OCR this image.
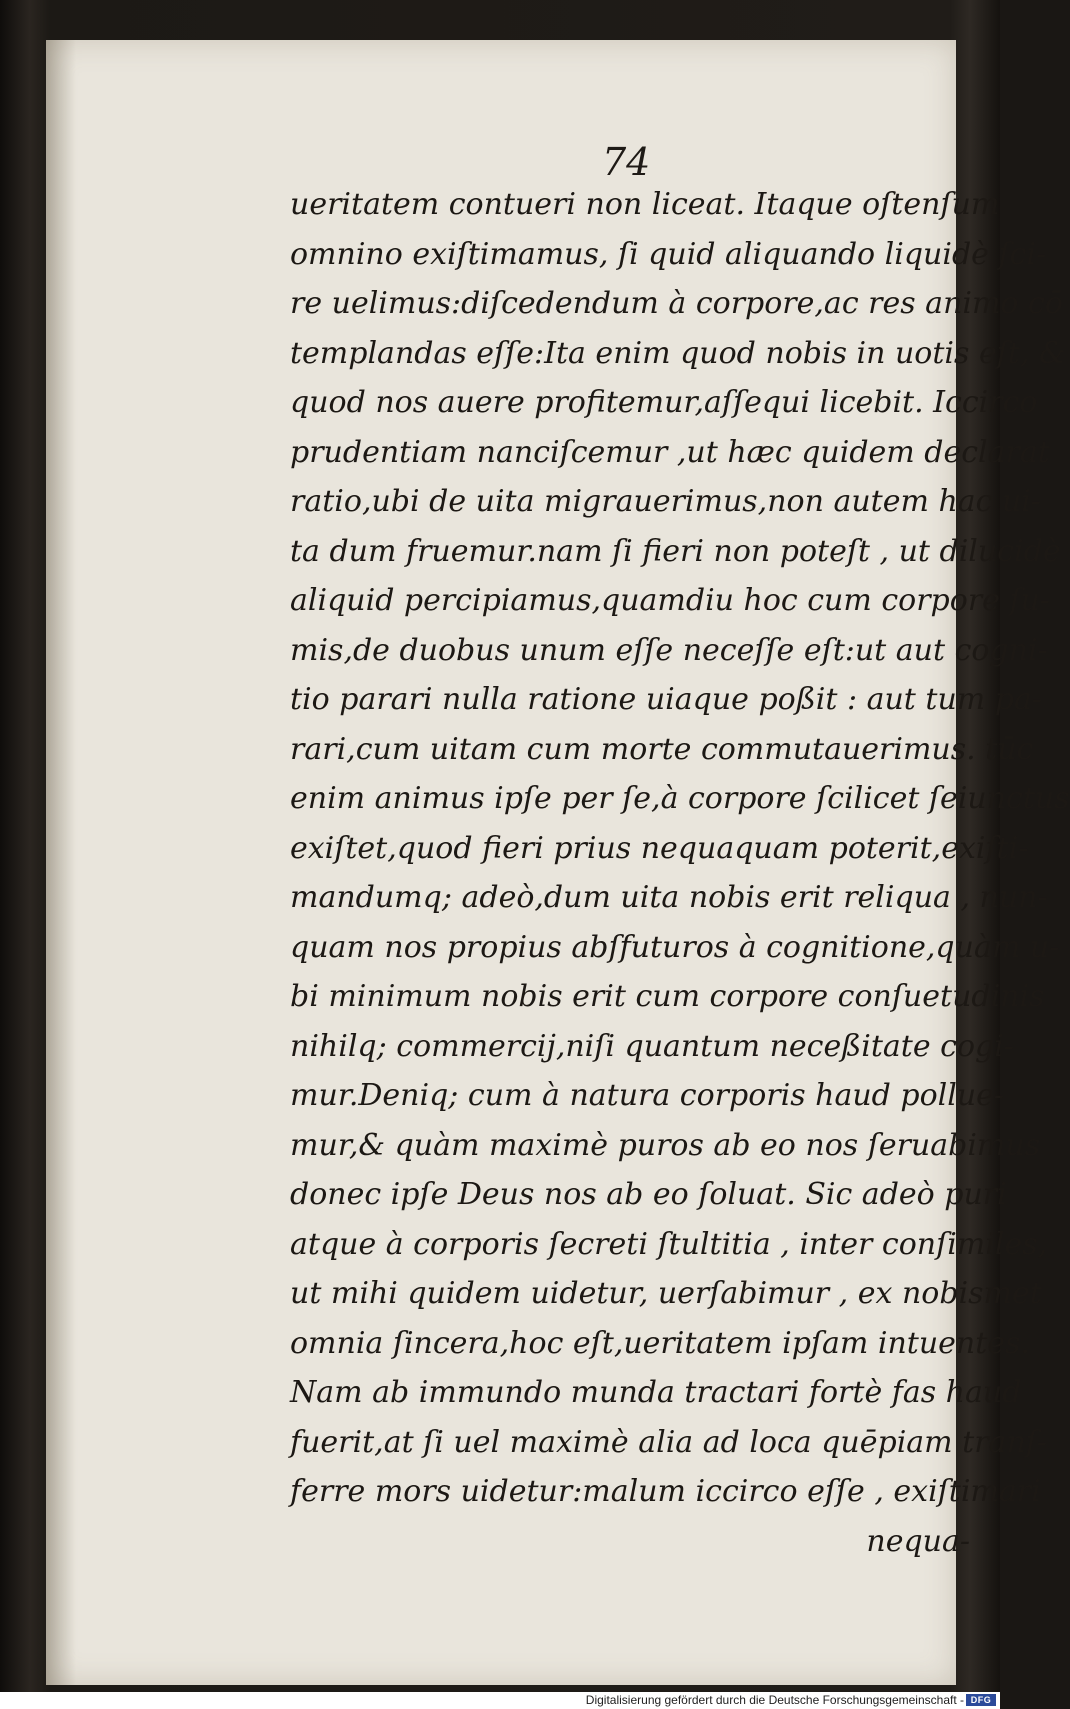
74

ueritatem contueri non liceat. Itaque oſtenſum

omnino exiſtimamus, ſi quid aliquando liquidè ſci-

re uelimus:diſcedendum à corpore,ac res animo cō

templandas eſſe:Ita enim quod nobis in uotis eſt, &

quod nos auere profitemur,aſſequi licebit. Iccirco

prudentiam nanciſcemur ,ut hæc quidem declarat

ratio,ubi de uita migrauerimus,non autem hac ui-

ta dum fruemur.nam ſi fieri non poteſt , ut dilucidè

aliquid percipiamus,quamdiu hoc cum corpore ſu-

mis,de duobus unum eſſe neceſſe eſt:ut aut cogni-

tio parari nulla ratione uiaque poßit : aut tum pa-

rari,cum uitam cum morte commutauerimus. tūc

enim animus ipſe per ſe,à corpore ſcilicet ſeiunctus

exiſtet,quod fieri prius nequaquam poterit,exiſti-

mandumq; adeò,dum uita nobis erit reliqua , nun-

quam nos propius abſfuturos à cognitione,quàm u-

bi minimum nobis erit cum corpore conſuetudinis

nihilq; commercij,niſi quantum neceßitate cogi-

mur.Deniq; cum à natura corporis haud pollue-

mur,& quàm maximè puros ab eo nos ſeruabimus

donec ipſe Deus nos ab eo ſoluat. Sic adeò puri

atque à corporis ſecreti ſtultitia , inter conſimiles,

ut mihi quidem uidetur, uerſabimur , ex nobismet

omnia ſincera,hoc eſt,ueritatem ipſam intuentes.

Nam ab immundo munda tractari fortè fas haud

fuerit,at ſi uel maximè alia ad loca quēpiam tranſ-

ferre mors uidetur:malum iccirco eſſe , exiſtimari

nequa-

Digitalisierung gefördert durch die Deutsche Forschungsgemeinschaft - DFG
